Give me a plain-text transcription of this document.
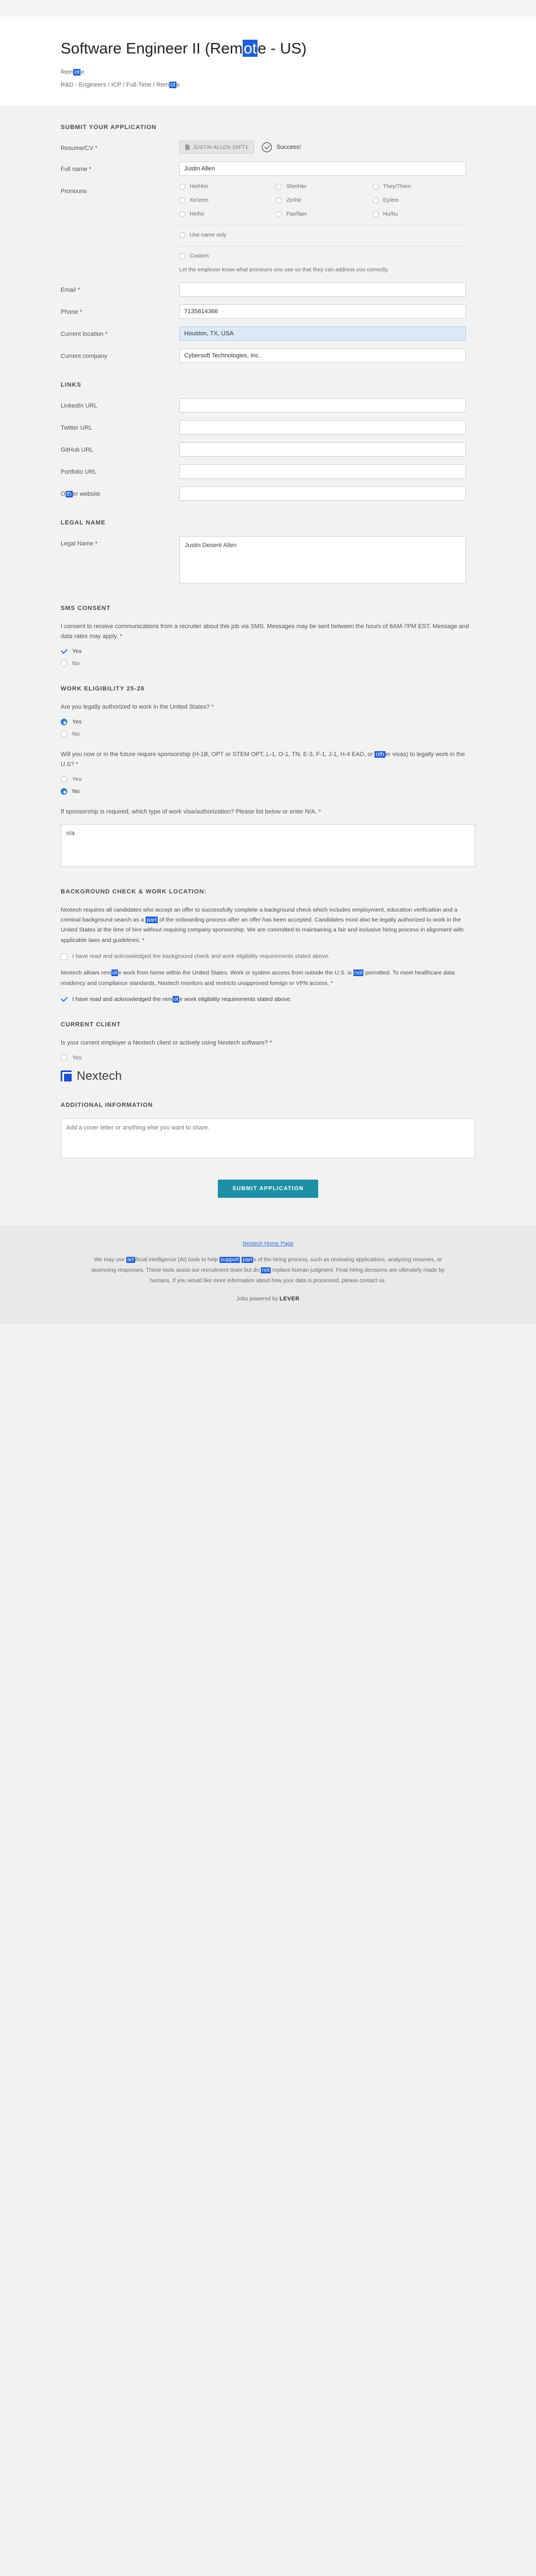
Software Engineer II (Remote - US)
Rem ot e
R&D - Engineers / ICP / Full-Time / Rem ot e
SUBMIT YOUR APPLICATION
Resume/CV *	JUSTIN-ALLEN-S0FT1	Success!
Full name *
Justin Allen
Pronouns
He/Him	She/Her	They/Them
Xe/xem	Ze/Hir	Ey/em
Hir/hir	Fae/faer	Hu/hu
Use name only
Custom
Let the employer know what pronouns you use so that they can address you correctly.
Email *
Phone *
7135814366
Current location *
Houston, TX, USA
Current company
Cybersoft Technologies, Inc.
LINKS
LinkedIn URL
Twitter URL
GitHub URL
Portfolio URL
O th er website
LEGAL NAME
Legal Name *
Justin Deseré Allen
SMS CONSENT
I consent to receive communications from a recruiter about this job via SMS. Messages may be sent between the hours of 8AM-7PM EST. Message and data rates may apply. *
Yes
No
WORK ELIGIBILITY 25-26
Are you legally authorized to work in the United States? *
Yes
No
Will you now or in the future require sponsorship (H-1B, OPT or STEM OPT, L-1, O-1, TN, E-3, F-1, J-1, H-4 EAD, or oth er visas) to legally work in the U.S? *
Yes
No
If sponsorship is required, which type of work visa/authorization? Please list below or enter N/A. *
n/a
BACKGROUND CHECK & WORK LOCATION:

Nextech requires all candidates who accept an offer to successfully complete a background check which includes employment, education verification and a criminal background search as a part of the onboarding process after an offer has been accepted. Candidates must also be legally authorized to work in the United States at the time of hire without requiring company sponsorship. We are committed to maintaining a fair and inclusive hiring process in alignment with applicable laws and guidelines. *

I have read and acknowledged the background check and work eligibility requirements stated above.

Nextech allows rem ot e work from home within the United States. Work or system access from outside the U.S. is not permitted. To meet healthcare data residency and compliance standards, Nextech monitors and restricts unapproved foreign or VPN access. *

I have read and acknowledged the rem ot e work eligibility requirements stated above.
CURRENT CLIENT
Is your current employer a Nextech client or actively using Nextech software? *
Yes
Nextech
ADDITIONAL INFORMATION
Add a cover letter or anything else you want to share.
SUBMIT APPLICATION
Nextech Home Page
We may use art ificial intelligence (AI) tools to help support part s of the hiring process, such as reviewing applications, analyzing resumes, or assessing responses. These tools assist our recruitment team but do not replace human judgment. Final hiring decisions are ultimately made by humans. If you would like more information about how your data is processed, please contact us.
Jobs powered by LEVER
